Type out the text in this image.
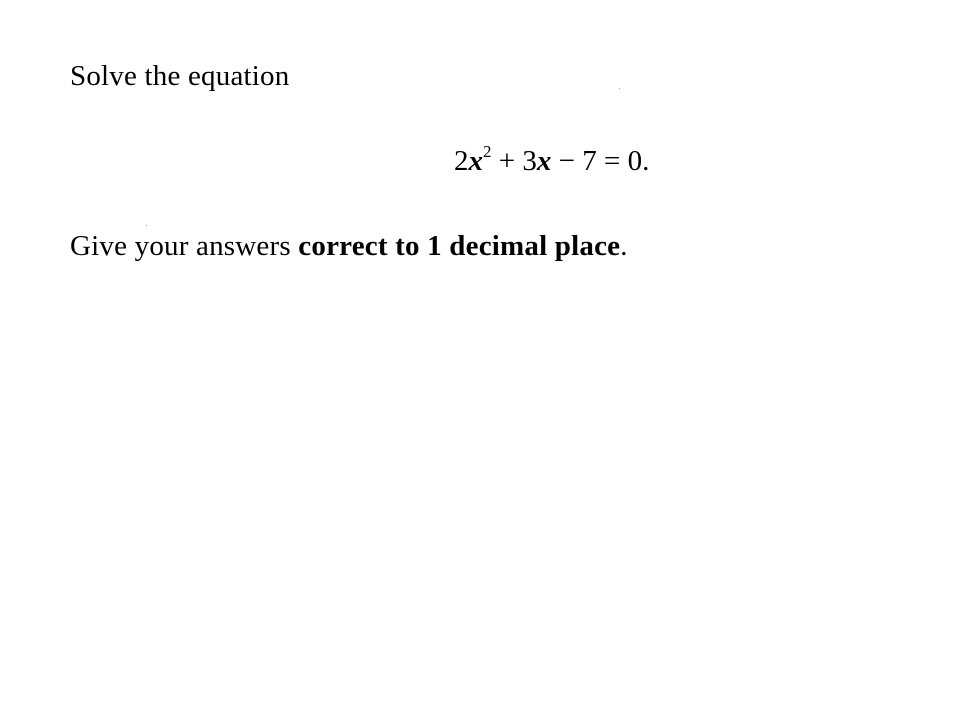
Solve the equation
$2x^2 + 3x - 7 = 0$.
Give your answers correct to 1 decimal place.
